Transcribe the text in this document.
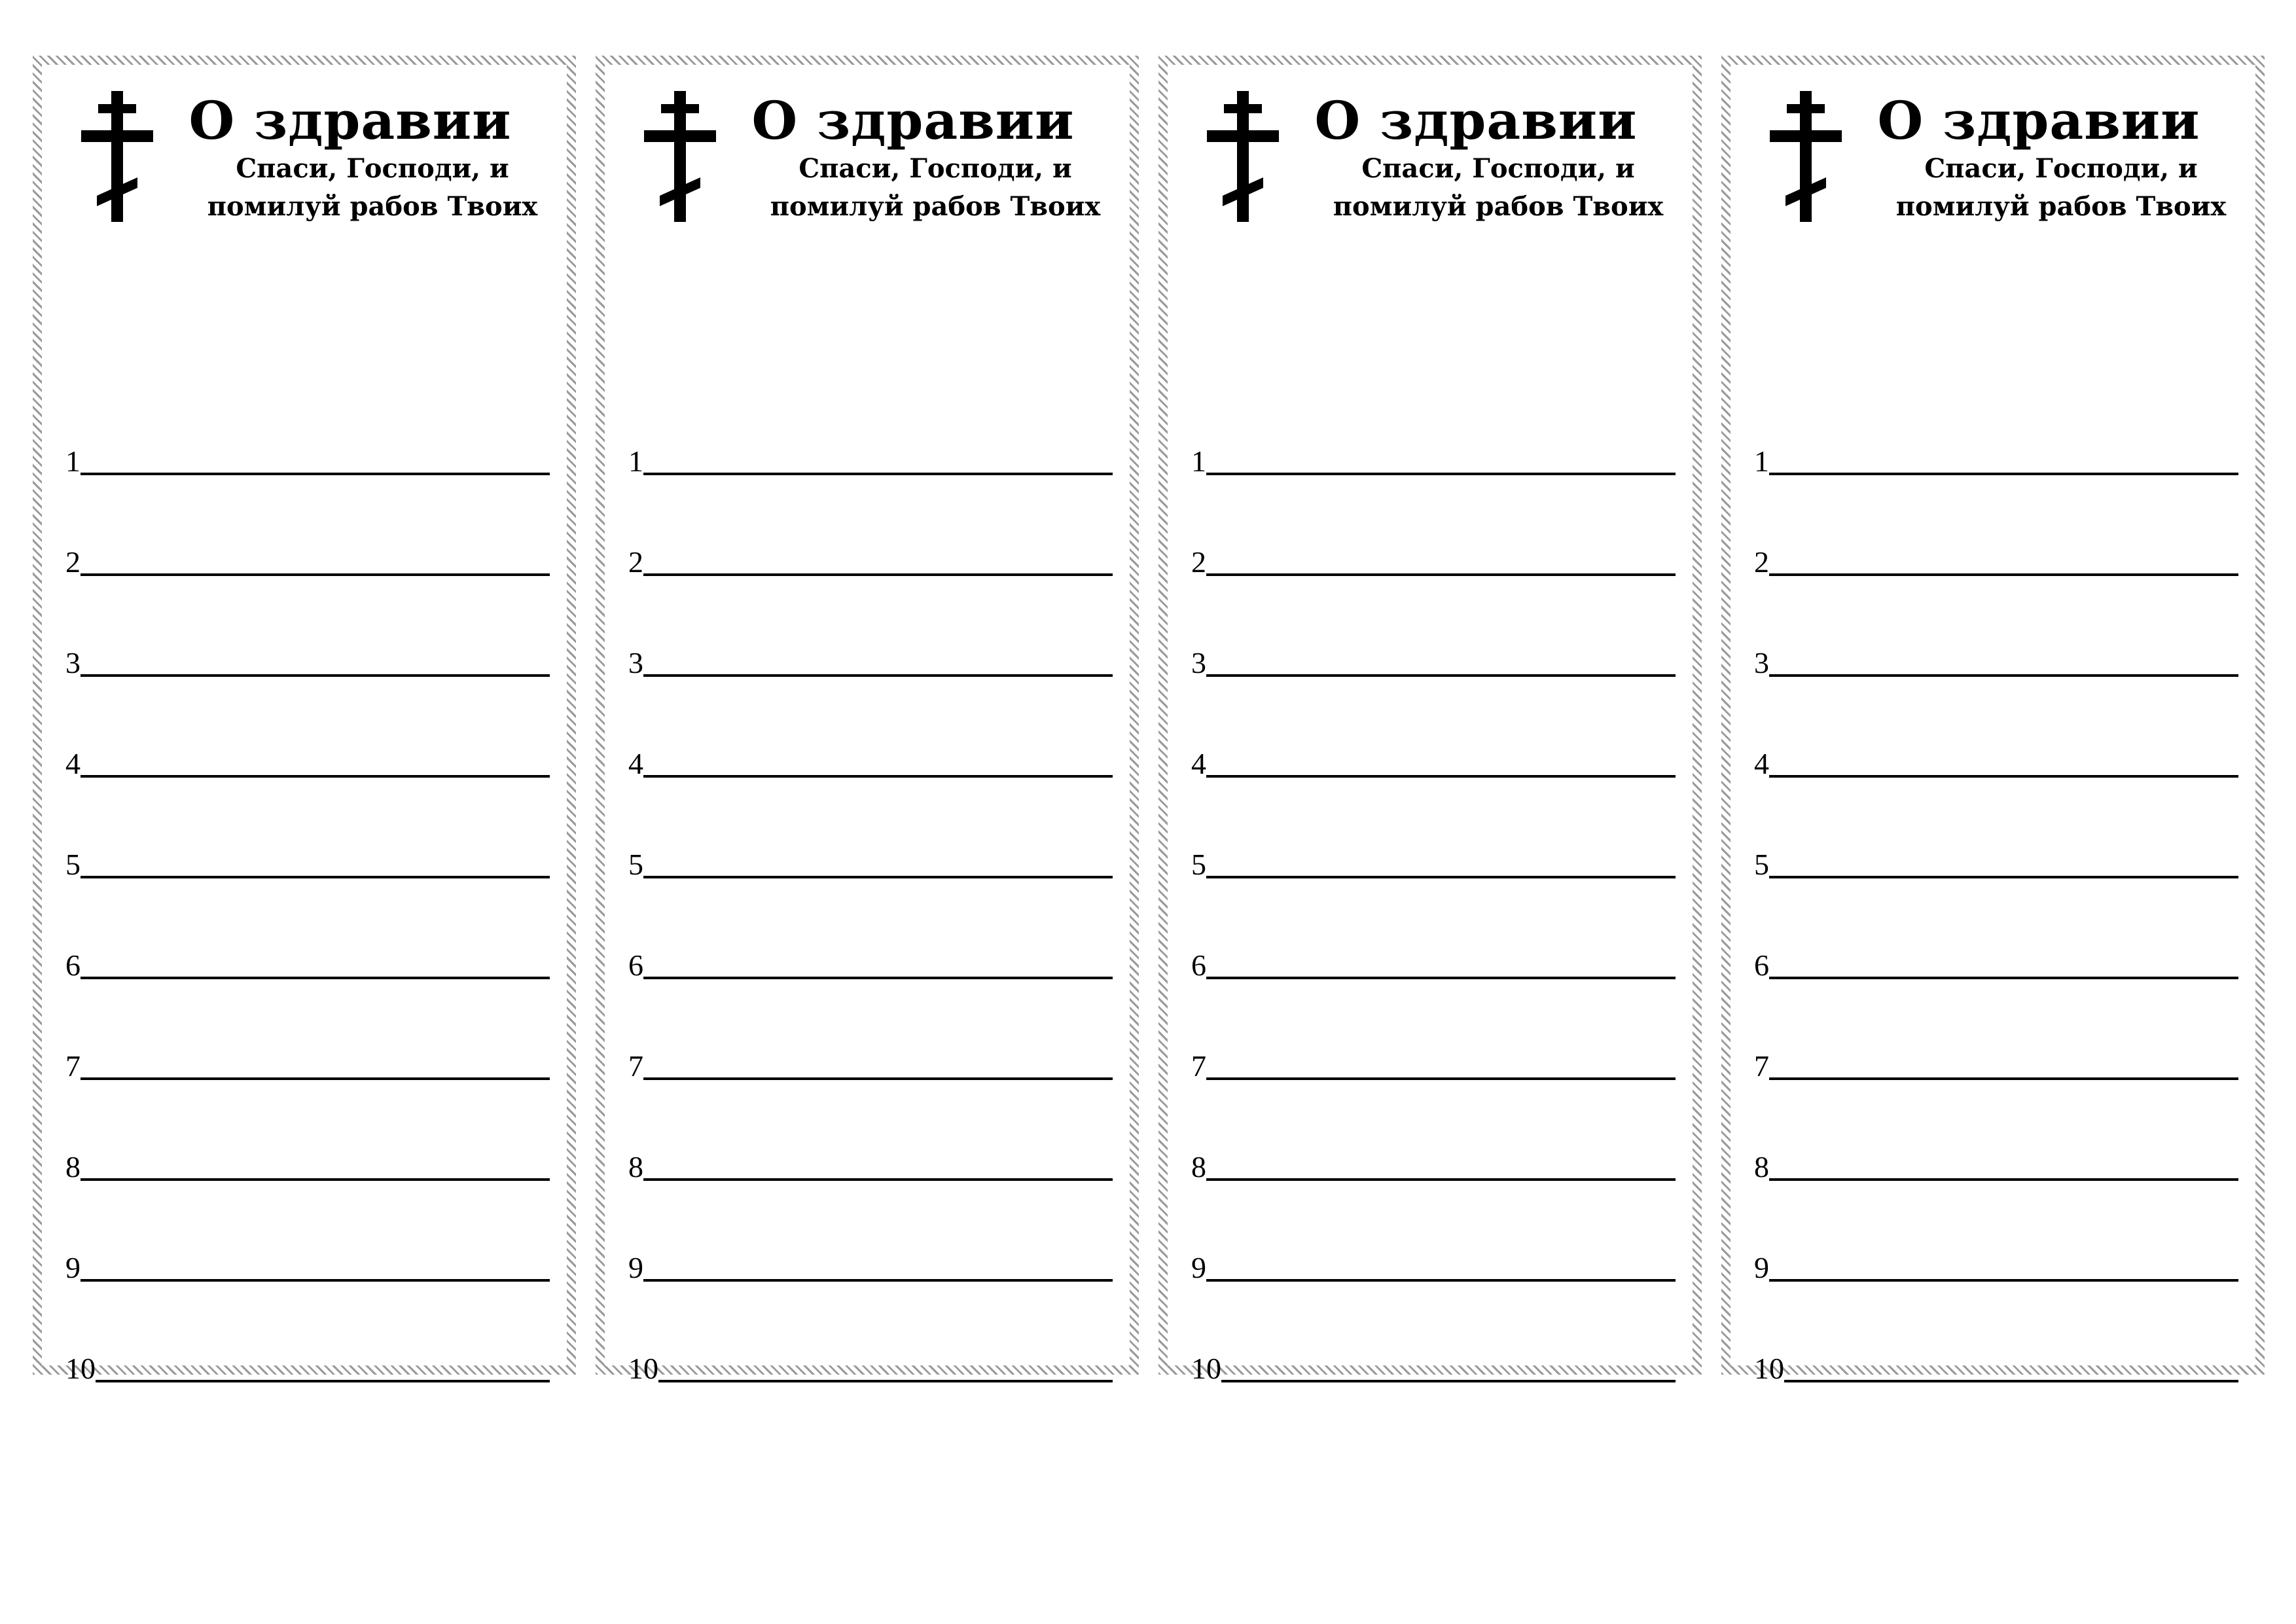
О здравии
Спаси, Господи, и помилуй рабов Твоих
1
2
3
4
5
6
7
8
9
10
О здравии
Спаси, Господи, и помилуй рабов Твоих
1
2
3
4
5
6
7
8
9
10
О здравии
Спаси, Господи, и помилуй рабов Твоих
1
2
3
4
5
6
7
8
9
10
О здравии
Спаси, Господи, и помилуй рабов Твоих
1
2
3
4
5
6
7
8
9
10
